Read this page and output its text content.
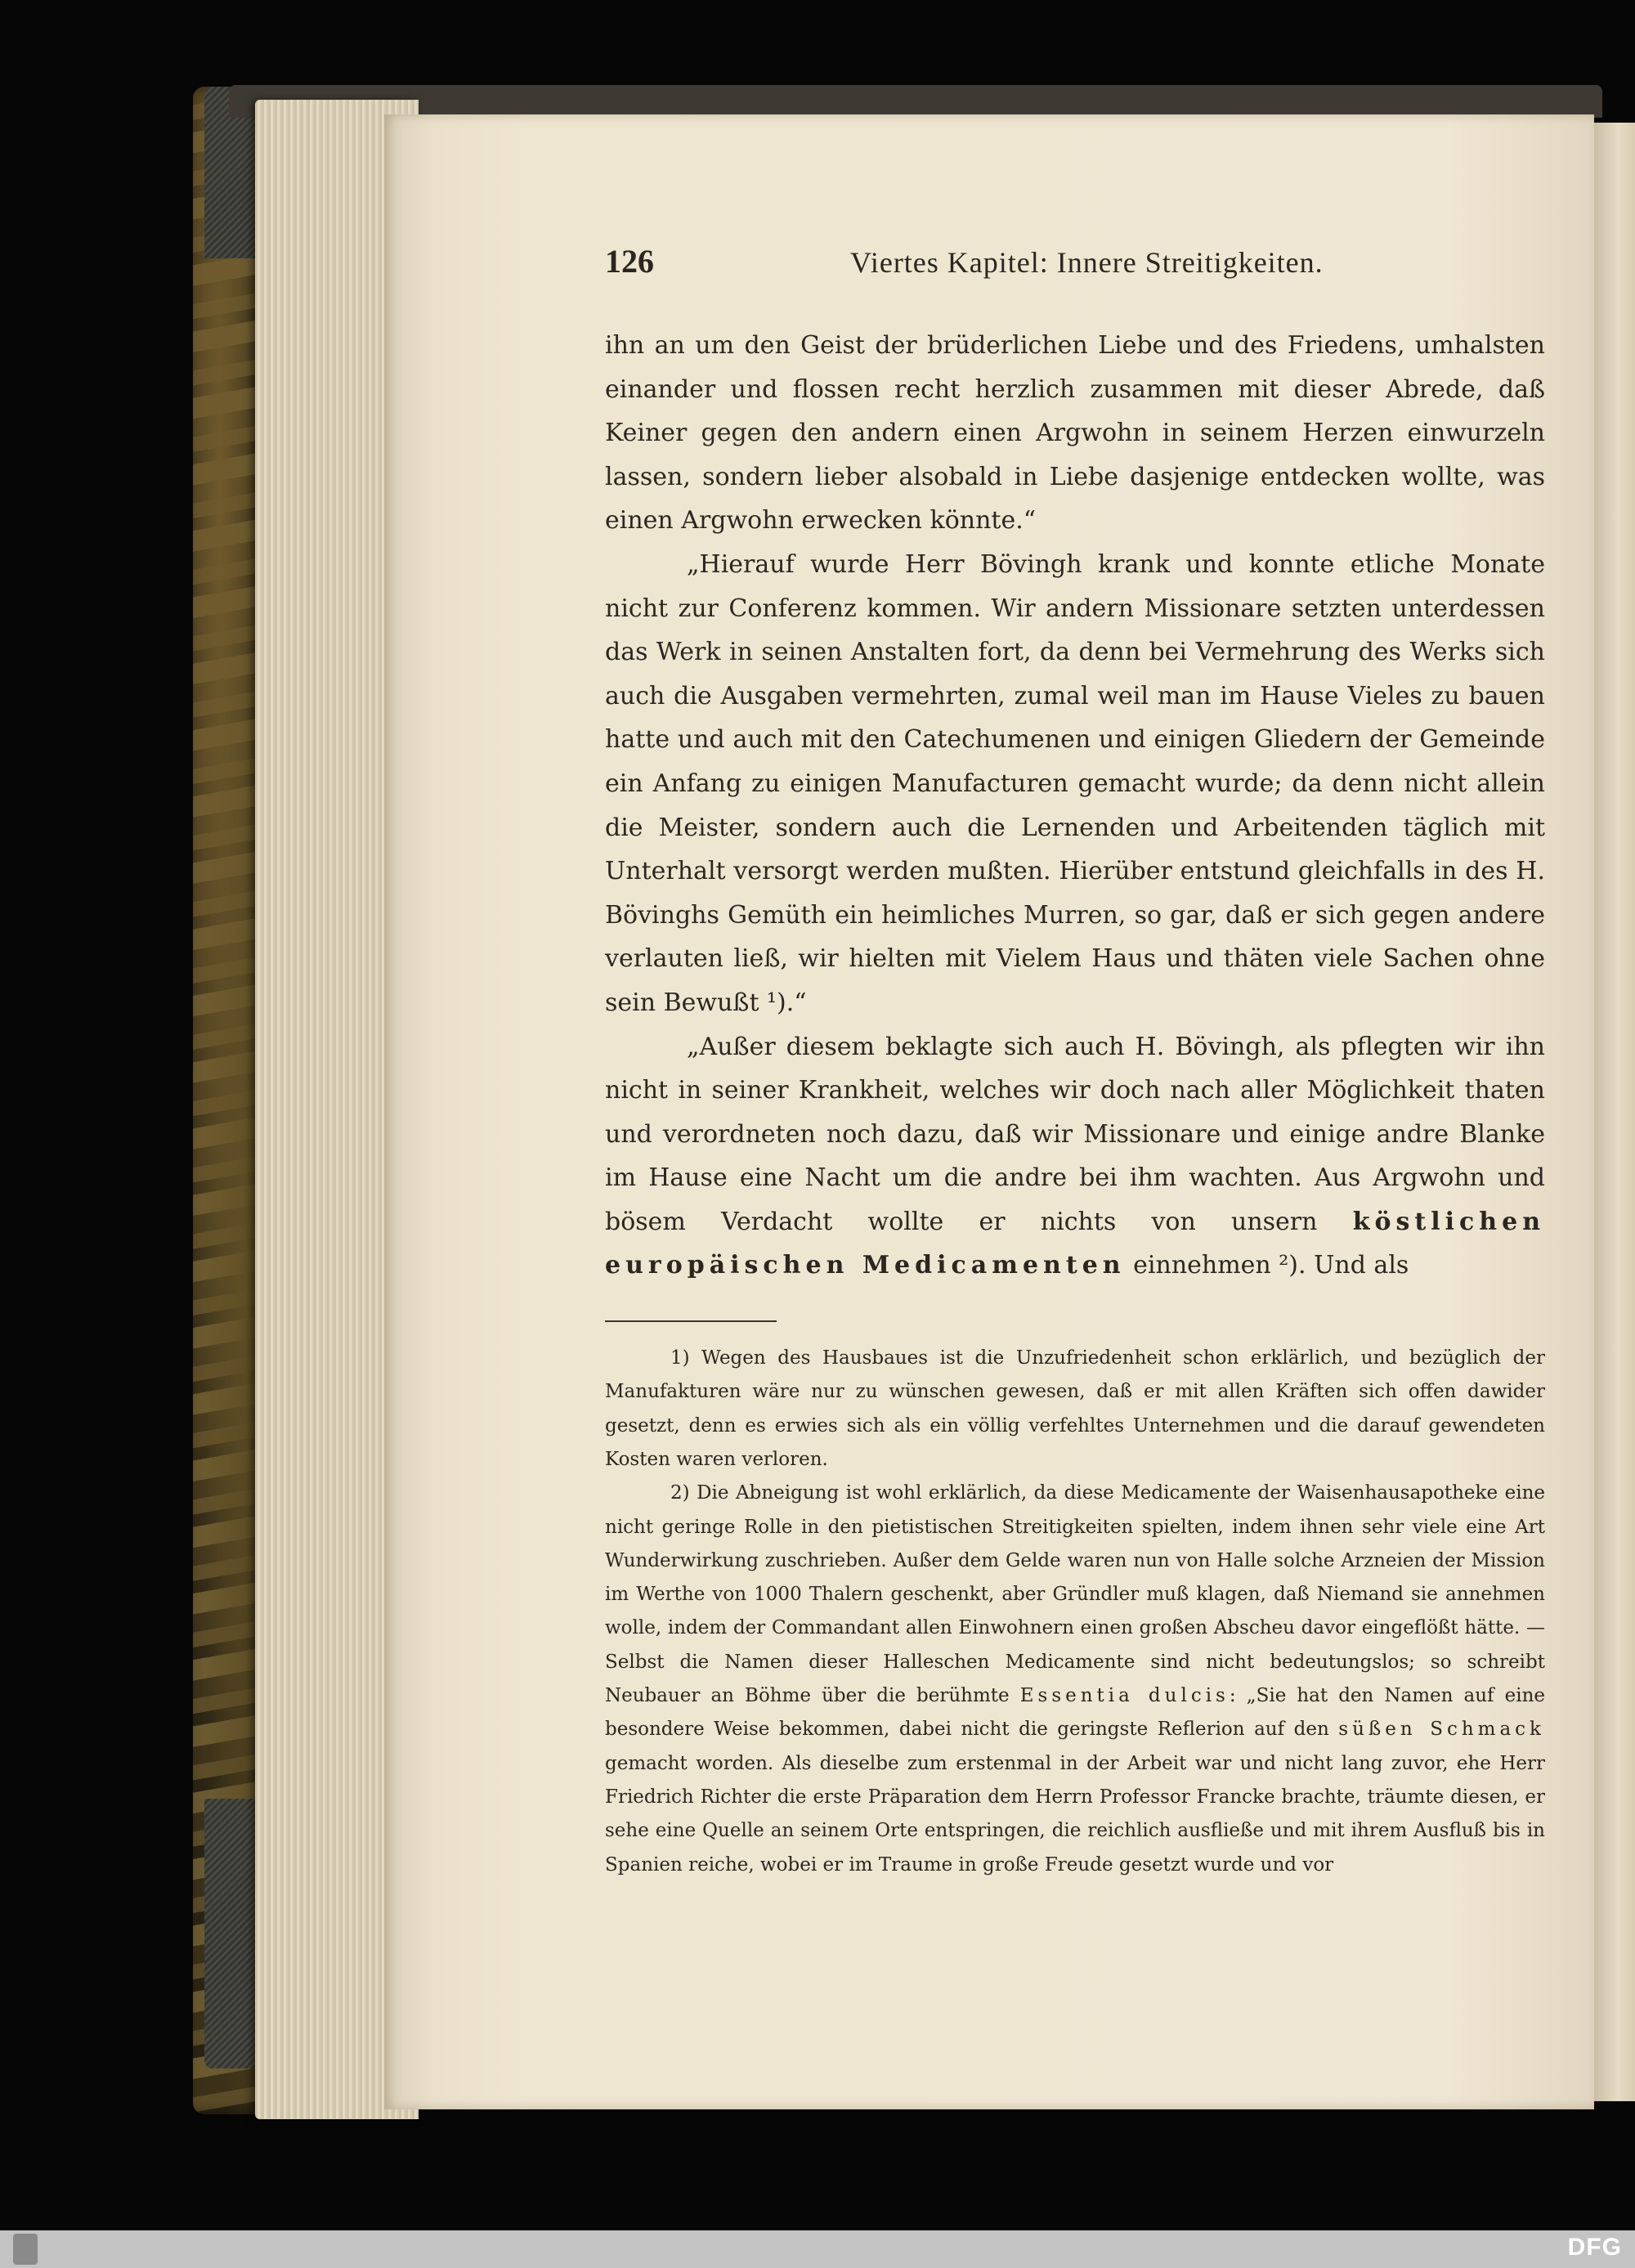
126	Viertes Kapitel: Innere Streitigkeiten.

ihn an um den Geist der brüderlichen Liebe und des Friedens, umhalsten einander und flossen recht herzlich zusammen mit dieser Abrede, daß Keiner gegen den andern einen Argwohn in seinem Herzen einwurzeln lassen, sondern lieber alsobald in Liebe dasjenige entdecken wollte, was einen Argwohn erwecken könnte.“

„Hierauf wurde Herr Bövingh krank und konnte etliche Monate nicht zur Conferenz kommen. Wir andern Missionare setzten unterdessen das Werk in seinen Anstalten fort, da denn bei Vermehrung des Werks sich auch die Ausgaben vermehrten, zumal weil man im Hause Vieles zu bauen hatte und auch mit den Catechumenen und einigen Gliedern der Gemeinde ein Anfang zu einigen Manufacturen gemacht wurde; da denn nicht allein die Meister, sondern auch die Lernenden und Arbeitenden täglich mit Unterhalt versorgt werden mußten. Hierüber entstund gleichfalls in des H. Bövinghs Gemüth ein heimliches Murren, so gar, daß er sich gegen andere verlauten ließ, wir hielten mit Vielem Haus und thäten viele Sachen ohne sein Bewußt ¹).“

„Außer diesem beklagte sich auch H. Bövingh, als pflegten wir ihn nicht in seiner Krankheit, welches wir doch nach aller Möglichkeit thaten und verordneten noch dazu, daß wir Missionare und einige andre Blanke im Hause eine Nacht um die andre bei ihm wachten. Aus Argwohn und bösem Verdacht wollte er nichts von unsern köstlichen europäischen Medicamenten einnehmen ²). Und als

1) Wegen des Hausbaues ist die Unzufriedenheit schon erklärlich, und bezüglich der Manufakturen wäre nur zu wünschen gewesen, daß er mit allen Kräften sich offen dawider gesetzt, denn es erwies sich als ein völlig verfehltes Unternehmen und die darauf gewendeten Kosten waren verloren.

2) Die Abneigung ist wohl erklärlich, da diese Medicamente der Waisenhausapotheke eine nicht geringe Rolle in den pietistischen Streitigkeiten spielten, indem ihnen sehr viele eine Art Wunderwirkung zuschrieben. Außer dem Gelde waren nun von Halle solche Arzneien der Mission im Werthe von 1000 Thalern geschenkt, aber Gründler muß klagen, daß Niemand sie annehmen wolle, indem der Commandant allen Einwohnern einen großen Abscheu davor eingeflößt hätte. — Selbst die Namen dieser Halleschen Medicamente sind nicht bedeutungslos; so schreibt Neubauer an Böhme über die berühmte Essentia dulcis: „Sie hat den Namen auf eine besondere Weise bekommen, dabei nicht die geringste Reflerion auf den süßen Schmack gemacht worden. Als dieselbe zum erstenmal in der Arbeit war und nicht lang zuvor, ehe Herr Friedrich Richter die erste Präparation dem Herrn Professor Francke brachte, träumte diesen, er sehe eine Quelle an seinem Orte entspringen, die reichlich ausfließe und mit ihrem Ausfluß bis in Spanien reiche, wobei er im Traume in große Freude gesetzt wurde und vor

DFG
